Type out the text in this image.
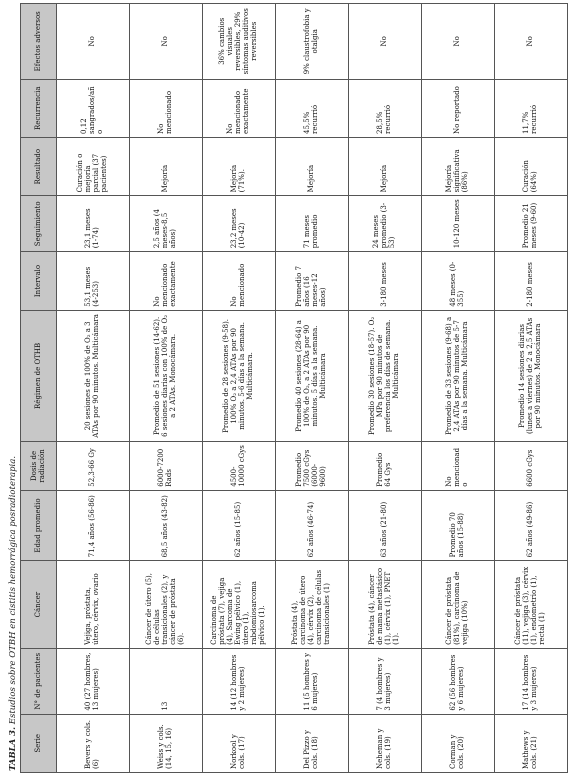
TABLA 3. Estudios sobre OTBH en cistitis hemorrágica posradioterapia.
Serie	N° de pacientes	Cáncer	Edad promedio	Dosis de radiación	Régimen de OTHB	Intervalo	Seguimiento	Resultado	Recurrencia	Efectos adversos
Bevers y cols. (6)	40 (27 hombres, 13 mujeres)	Vejiga, próstata, útero, cérvix, ovario	71,4 años (56-86)	52,3-66 Gy	20 sesiones de 100% de O₂ a 3 ATAs por 90 minutos. Multicámara	53,1 meses (4-253)	23,1 meses (1-74)	Curación o mejoría parcial (37 pacientes)	0,12 sangrados/año	No
Weiss y cols. (14, 15, 16)	13	Cáncer de útero (5), de células transicionales (2), y cáncer de próstata (6).	68,5 años (43-82)	6000-7200 Rads	Promedio de 51 sesiones (14-62). 6 sesiones diarias con 100% de O₂ a 2 ATAs. Monocámara.	No mencionado exactamente	2,5 años (4 meses-8,5 años)	Mejoría	No mencionado	No
Norkool y cols. (17)	14 (12 hombres y 2 mujeres)	Carcinoma de próstata (7), vejiga (4), Sarcoma de Ewing pélvico (1), útero (1), rabdomiosarcoma pélvico (1).	62 años (15-85)	4500-10000 cGys	Promedio de 28 sesiones (9-58). 100% O₂ a 2,4 ATAs por 90 minutos. 5-6 días a la semana. Multicámara.	No mencionado	23,2 meses (10-42)	Mejoría (71%).	No mencionado exactamente	36% cambios visuales reversibles, 29% síntomas auditivos reversibles
Del Pizzo y cols. (18)	11 (5 hombres y 6 mujeres)	Próstata (4), carcinoma de útero (4), cérvix (2), carcinoma de células transicionales (1)	62 años (46-74)	Promedio 7500 cGys (6000-9600)	Promedio 40 sesiones (28-64) a 100% de O₂, a 2 ATAs por 90 minutos. 5 días a la semana. Multicámara	Promedio 7 años (16 meses-12 años)	71 meses promedio	Mejoría	45,5% recurrió	9% claustrofobia y otalgia
Neheman y cols. (19)	7 (4 hombres y 3 mujeres)	Próstata (4), cáncer de mama metastásico (1), cérvix (1), PNET (1).	63 años (21-80)	Promedio 64 Gys	Promedio 30 sesiones (18-57). O₂ MPa por 90 minutos de preferencia los días de semana. Multicámara	3-180 meses	24 meses promedio (3-53)	Mejoría	28,5% recurrió	No
Corman y cols. (20)	62 (56 hombres y 6 mujeres)	Cáncer de próstata (81%), carcinoma de vejiga (10%)	Promedio 70 años (15-88)	No mencionado	Promedio de 33 sesiones (9-68) a 2,4 ATAs por 90 minutos de 5-7 días a la semana. Multicámara	48 meses (0-355)	10-120 meses	Mejoría significativa (86%)	No reportado	No
Mathews y cols. (21)	17 (14 hombres y 3 mujeres)	Cáncer de próstata (11), vejiga (3), cérvix (1), endometrio (1), rectal (1)	62 años (49-86)	6600 cGys	Promedio 14 sesiones diarias (lunes a viernes) de 2 a 2,5 ATAs por 90 minutos. Monocámara	2-180 meses	Promedio 21 meses (9-60)	Curación (64%)	11,7% recurrió	No
